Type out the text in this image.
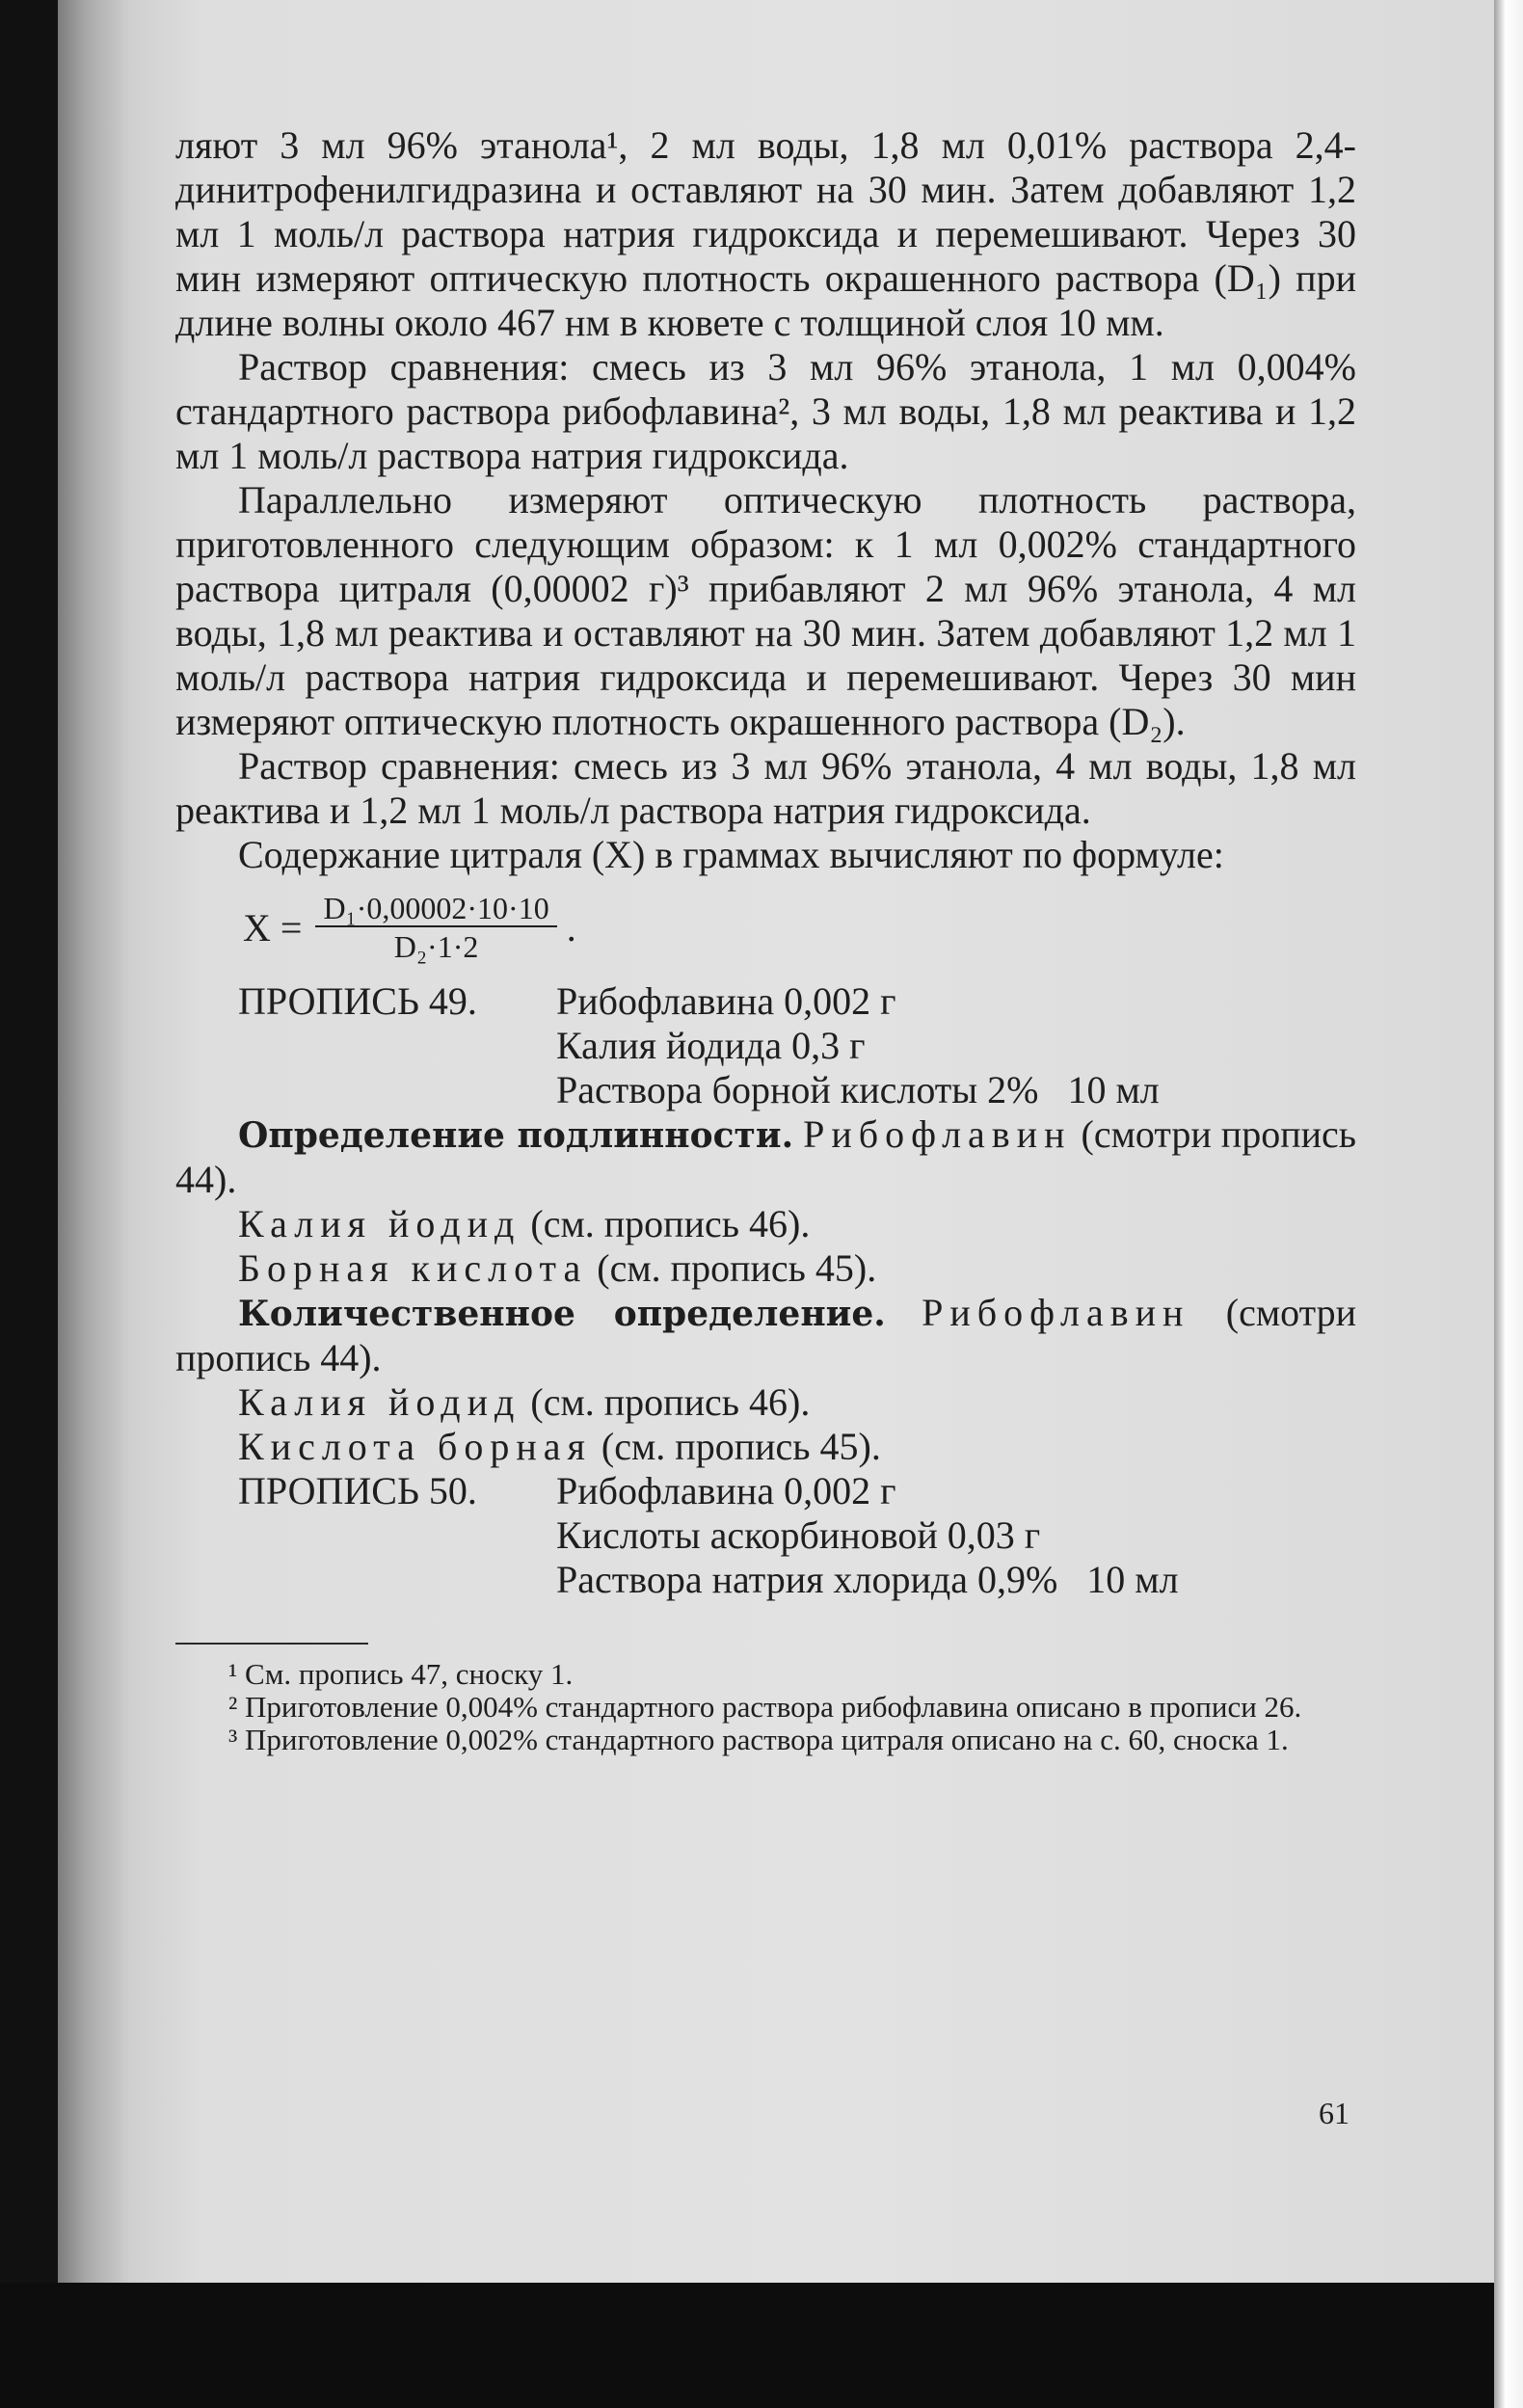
ляют 3 мл 96% этанола¹, 2 мл воды, 1,8 мл 0,01% раствора 2,4-динитрофенилгидразина и оставляют на 30 мин. Затем добавляют 1,2 мл 1 моль/л раствора натрия гидроксида и перемешивают. Через 30 мин измеряют оптическую плотность окрашенного раствора (D₁) при длине волны около 467 нм в кювете с толщиной слоя 10 мм.

Раствор сравнения: смесь из 3 мл 96% этанола, 1 мл 0,004% стандартного раствора рибофлавина², 3 мл воды, 1,8 мл реактива и 1,2 мл 1 моль/л раствора натрия гидроксида.

Параллельно измеряют оптическую плотность раствора, приготовленного следующим образом: к 1 мл 0,002% стандартного раствора цитраля (0,00002 г)³ прибавляют 2 мл 96% этанола, 4 мл воды, 1,8 мл реактива и оставляют на 30 мин. Затем добавляют 1,2 мл 1 моль/л раствора натрия гидроксида и перемешивают. Через 30 мин измеряют оптическую плотность окрашенного раствора (D₂).

Раствор сравнения: смесь из 3 мл 96% этанола, 4 мл воды, 1,8 мл реактива и 1,2 мл 1 моль/л раствора натрия гидроксида.

Содержание цитраля (X) в граммах вычисляют по формуле:

$X = \frac{\text{D₁·0,00002·10·10}}{\text{D₂·1·2}}$ .
ПРОПИСЬ 49.	Рибофлавина 0,002 г
Калия йодида 0,3 г
Раствора борной кислоты 2%   10 мл

Определение подлинности. Рибофлавин (смотри пропись 44).

Калия йодид (см. пропись 46).

Борная кислота (см. пропись 45).

Количественное определение. Рибофлавин (смотри пропись 44).

Калия йодид (см. пропись 46).

Кислота борная (см. пропись 45).

ПРОПИСЬ 50.	Рибофлавина 0,002 г
Кислоты аскорбиновой 0,03 г
Раствора натрия хлорида 0,9%   10 мл

¹ См. пропись 47, сноску 1.

² Приготовление 0,004% стандартного раствора рибофлавина описано в прописи 26.

³ Приготовление 0,002% стандартного раствора цитраля описано на с. 60, сноска 1.

61
